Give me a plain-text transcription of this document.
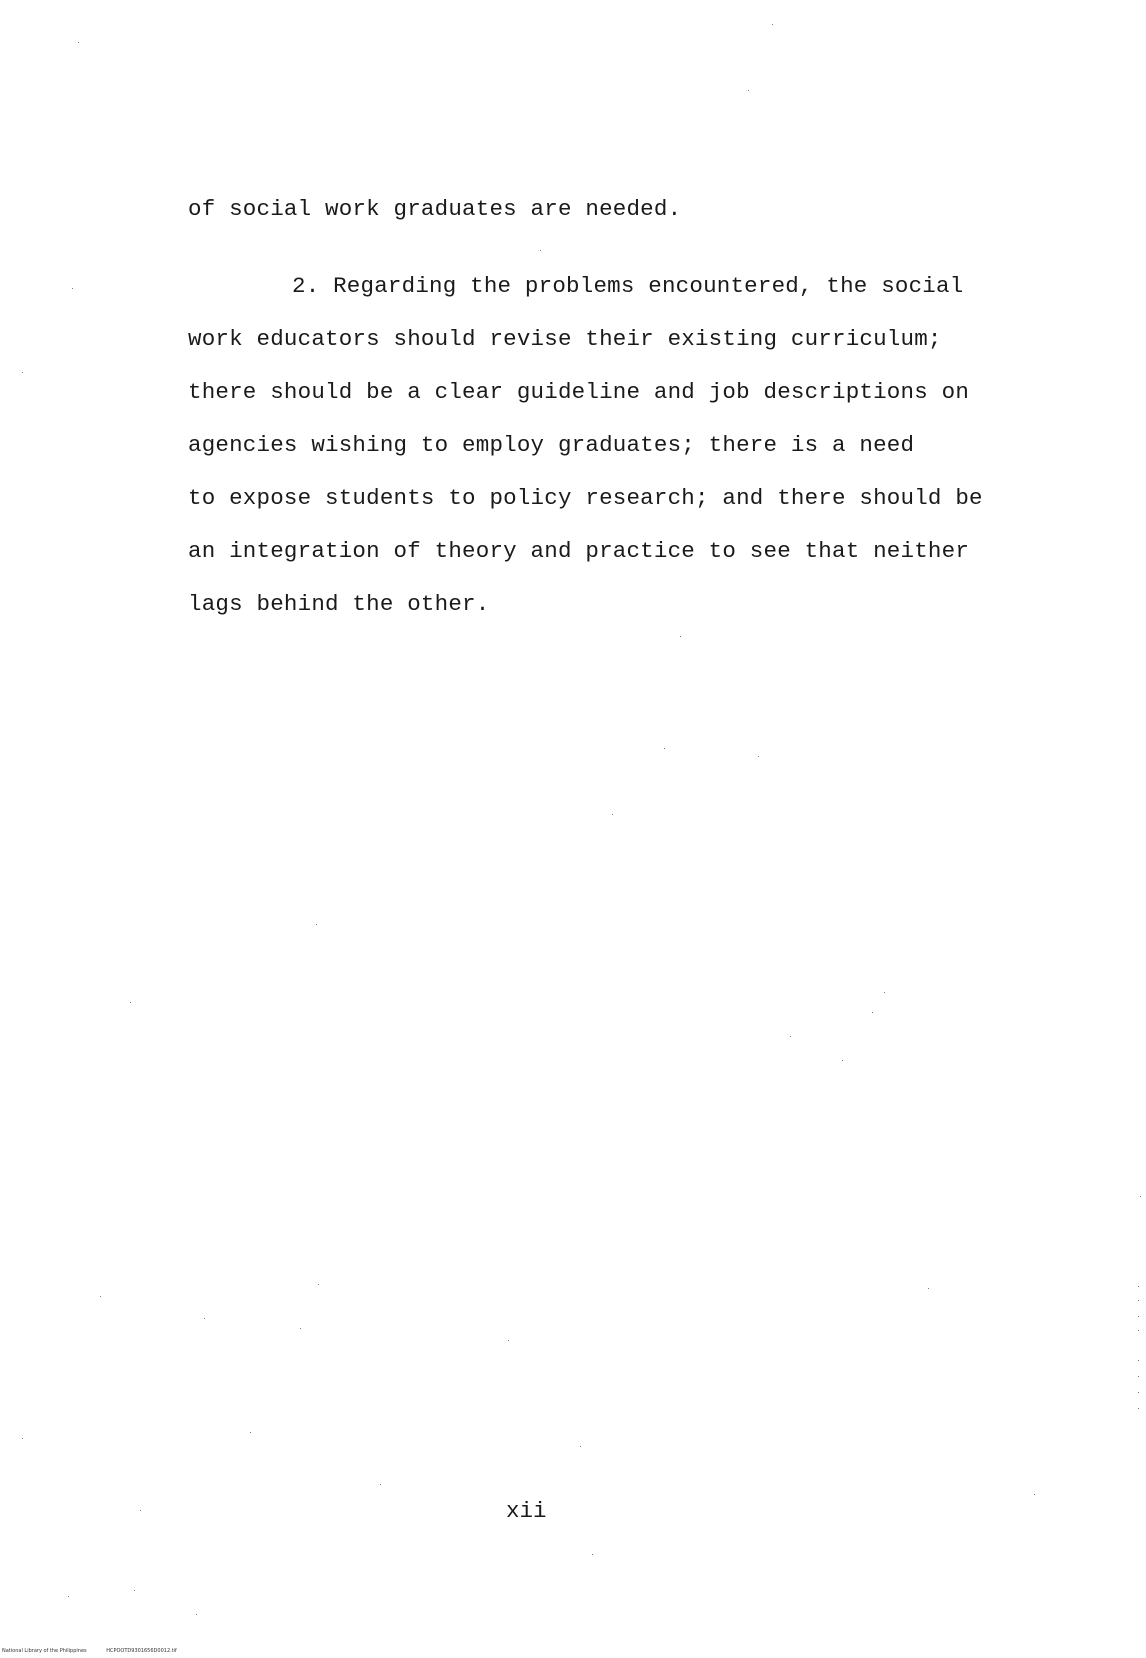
of social work graduates are needed.
2. Regarding the problems encountered, the social
work educators should revise their existing curriculum;
there should be a clear guideline and job descriptions on
agencies wishing to employ graduates; there is a need
to expose students to policy research; and there should be
an integration of theory and practice to see that neither
lags behind the other.
xii
National Library of the Philippines	HCPOOTD9301656D0012.tif
